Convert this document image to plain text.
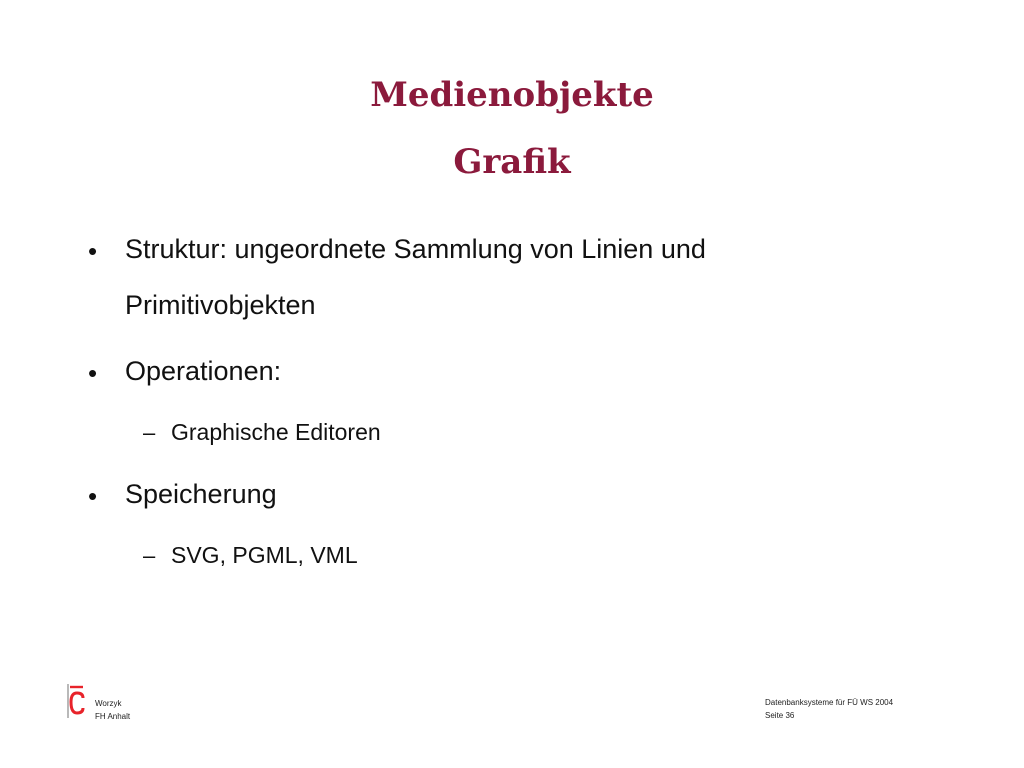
Medienobjekte
Grafik
• Struktur: ungeordnete Sammlung von Linien und
Primitivobjekten
• Operationen:
– Graphische Editoren
• Speicherung
– SVG, PGML, VML
Worzyk
FH Anhalt
Datenbanksysteme für FÜ WS 2004
Seite 36
